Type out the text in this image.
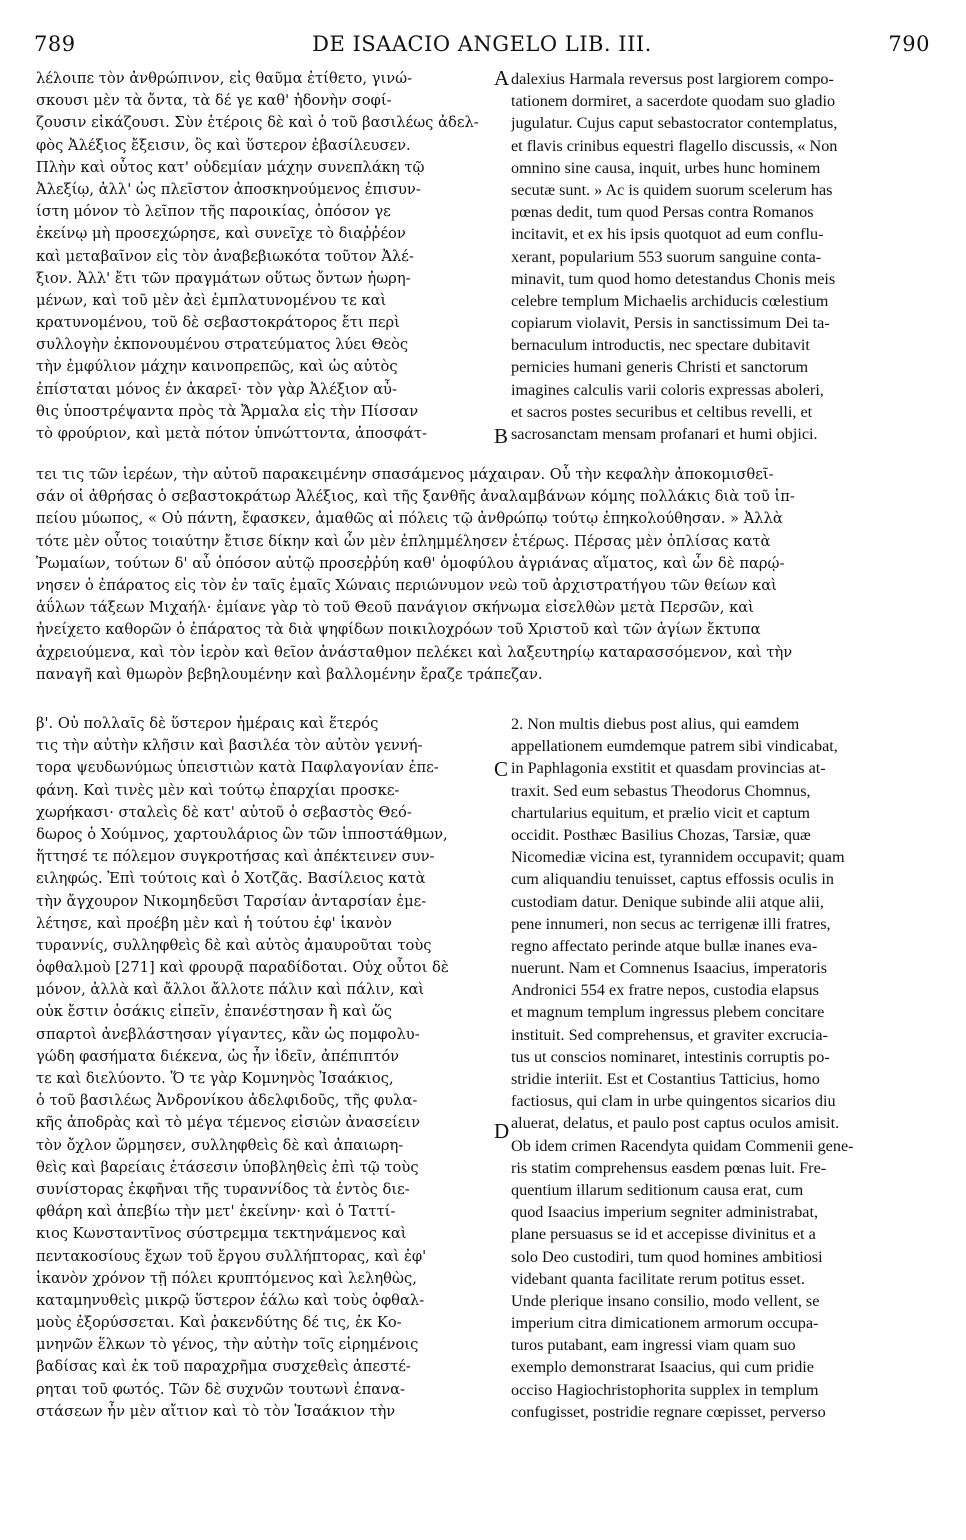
789	DE ISAACIO ANGELO LIB. III.	790
λέλοιπε τὸν ἀνθρώπινον, εἰς θαῦμα ἐτίθετο, γινώ-
σκουσι μὲν τὰ ὄντα, τὰ δέ γε καθ' ἡδονὴν σοφί-
ζουσιν εἰκάζουσι. Σὺν ἑτέροις δὲ καὶ ὁ τοῦ βασιλέως ἀδελ-
φὸς Ἀλέξιος ἔξεισιν, ὃς καὶ ὕστερον ἐβασίλευσεν.
Πλὴν καὶ οὗτος κατ' οὐδεμίαν μάχην συνεπλάκη τῷ
Ἀλεξίῳ, ἀλλ' ὡς πλεῖστον ἀποσκηνούμενος ἐπισυν-
ίστη μόνον τὸ λεῖπον τῆς παροικίας, ὁπόσον γε
ἐκείνῳ μὴ προσεχώρησε, καὶ συνεῖχε τὸ διαῤῥέον
καὶ μεταβαῖνον εἰς τὸν ἀναβεβιωκότα τοῦτον Ἀλέ-
ξιον. Ἀλλ' ἔτι τῶν πραγμάτων οὕτως ὄντων ἠωρη-
μένων, καὶ τοῦ μὲν ἀεὶ ἐμπλατυνομένου τε καὶ
κρατυνομένου, τοῦ δὲ σεβαστοκράτορος ἔτι περὶ
συλλογὴν ἐκπονουμένου στρατεύματος λύει Θεὸς
τὴν ἐμφύλιον μάχην καινοπρεπῶς, καὶ ὡς αὐτὸς
ἐπίσταται μόνος ἐν ἀκαρεῖ· τὸν γὰρ Ἀλέξιον αὖ-
θις ὑποστρέψαντα πρὸς τὰ Ἄρμαλα εἰς τὴν Πίσσαν
τὸ φρούριον, καὶ μετὰ πότον ὑπνώττοντα, ἀποσφάτ-
dalexius Harmala reversus post largiorem compo-
tationem dormiret, a sacerdote quodam suo gladio
jugulatur. Cujus caput sebastocrator contemplatus,
et flavis crinibus equestri flagello discussis, « Non
omnino sine causa, inquit, urbes hunc hominem
secutæ sunt. » Ac is quidem suorum scelerum has
pœnas dedit, tum quod Persas contra Romanos
incitavit, et ex his ipsis quotquot ad eum conflu-
xerant, popularium 553 suorum sanguine conta-
minavit, tum quod homo detestandus Chonis meis
celebre templum Michaelis archiducis cœlestium
copiarum violavit, Persis in sanctissimum Dei ta-
bernaculum introductis, nec spectare dubitavit
pernicies humani generis Christi et sanctorum
imagines calculis varii coloris expressas aboleri,
et sacros postes securibus et celtibus revelli, et
sacrosanctam mensam profanari et humi objici.
τει τις τῶν ἱερέων, τὴν αὐτοῦ παρακειμένην σπασάμενος μάχαιραν. Οὗ τὴν κεφαλὴν ἀποκομισθεῖ-
σάν οἱ ἀθρήσας ὁ σεβαστοκράτωρ Ἀλέξιος, καὶ τῆς ξανθῆς ἀναλαμβάνων κόμης πολλάκις διὰ τοῦ ἱπ-
πείου μύωπος, « Οὐ πάντη, ἔφασκεν, ἀμαθῶς αἱ πόλεις τῷ ἀνθρώπῳ τούτῳ ἐπηκολούθησαν. » Ἀλλὰ
τότε μὲν οὗτος τοιαύτην ἔτισε δίκην καὶ ὧν μὲν ἐπλημμέλησεν ἑτέρως. Πέρσας μὲν ὁπλίσας κατὰ
Ῥωμαίων, τούτων δ' αὖ ὁπόσον αὐτῷ προσεῤῥύη καθ' ὁμοφύλου ἀγριάνας αἵματος, καὶ ὧν δὲ παρῴ-
νησεν ὁ ἐπάρατος εἰς τὸν ἐν ταῖς ἐμαῖς Χώναις περιώνυμον νεὼ τοῦ ἀρχιστρατήγου τῶν θείων καὶ
ἀΰλων τάξεων Μιχαήλ· ἐμίανε γὰρ τὸ τοῦ Θεοῦ πανάγιον σκήνωμα εἰσελθὼν μετὰ Περσῶν, καὶ
ἠνείχετο καθορῶν ὁ ἐπάρατος τὰ διὰ ψηφίδων ποικιλοχρόων τοῦ Χριστοῦ καὶ τῶν ἁγίων ἔκτυπα
ἀχρειούμενα, καὶ τὸν ἱερὸν καὶ θεῖον ἀνάσταθμον πελέκει καὶ λαξευτηρίῳ καταρασσόμενον, καὶ τὴν
παναγῆ καὶ θμωρὸν βεβηλουμένην καὶ βαλλομένην ἔραζε τράπεζαν.
β'. Οὐ πολλαῖς δὲ ὕστερον ἡμέραις καὶ ἕτερός
τις τὴν αὐτὴν κλῆσιν καὶ βασιλέα τὸν αὐτὸν γεννή-
τορα ψευδωνύμως ὑπειστιὼν κατὰ Παφλαγονίαν ἐπε-
φάνη. Καὶ τινὲς μὲν καὶ τούτῳ ἐπαρχίαι προσκε-
χωρήκασι· σταλεὶς δὲ κατ' αὐτοῦ ὁ σεβαστὸς Θεό-
δωρος ὁ Χούμνος, χαρτουλάριος ὢν τῶν ἱπποστάθμων,
ἥττησέ τε πόλεμον συγκροτήσας καὶ ἀπέκτεινεν συν-
ειληφώς. Ἐπὶ τούτοις καὶ ὁ Χοτζᾶς. Βασίλειος κατὰ
τὴν ἄγχουρον Νικομηδεῦσι Ταρσίαν ἀνταρσίαν ἐμε-
λέτησε, καὶ προέβη μὲν καὶ ἡ τούτου ἐφ' ἱκανὸν
τυραννίς, συλληφθεὶς δὲ καὶ αὐτὸς ἀμαυροῦται τοὺς
ὀφθαλμοὺ [271] καὶ φρουρᾷ παραδίδοται. Οὐχ οὗτοι δὲ
μόνον, ἀλλὰ καὶ ἄλλοι ἄλλοτε πάλιν καὶ πάλιν, καὶ
οὐκ ἔστιν ὁσάκις εἰπεῖν, ἐπανέστησαν ἢ καὶ ὥς
σπαρτοὶ ἀνεβλάστησαν γίγαντες, κἂν ὡς πομφολυ-
γώδη φασήματα διέκενα, ὡς ἦν ἰδεῖν, ἀπέπιπτόν
τε καὶ διελύοντο. Ὅ τε γὰρ Κομνηνὸς Ἰσαάκιος,
ὁ τοῦ βασιλέως Ἀνδρονίκου ἀδελφιδοῦς, τῆς φυλα-
κῆς ἀποδρὰς καὶ τὸ μέγα τέμενος εἰσιὼν ἀνασείειν
τὸν ὄχλον ὥρμησεν, συλληφθεὶς δὲ καὶ ἀπαιωρη-
θεὶς καὶ βαρείαις ἐτάσεσιν ὑποβληθεὶς ἐπὶ τῷ τοὺς
συνίστορας ἐκφῆναι τῆς τυραννίδος τὰ ἐντὸς διε-
φθάρη καὶ ἀπεβίω τὴν μετ' ἐκείνην· καὶ ὁ Ταττί-
κιος Κωνσταντῖνος σύστρεμμα τεκτηνάμενος καὶ
πεντακοσίους ἔχων τοῦ ἔργου συλλήπτορας, καὶ ἐφ'
ἱκανὸν χρόνον τῇ πόλει κρυπτόμενος καὶ λεληθὼς,
καταμηνυθεὶς μικρῷ ὕστερον ἑάλω καὶ τοὺς ὀφθαλ-
μοὺς ἐξορύσσεται. Καὶ ῥακενδύτης δέ τις, ἐκ Κο-
μνηνῶν ἕλκων τὸ γένος, τὴν αὐτὴν τοῖς εἰρημένοις
βαδίσας καὶ ἐκ τοῦ παραχρῆμα συσχεθεὶς ἀπεστέ-
ρηται τοῦ φωτός. Τῶν δὲ συχνῶν τουτωνὶ ἐπανα-
στάσεων ἦν μὲν αἴτιον καὶ τὸ τὸν Ἰσαάκιον τὴν
2. Non multis diebus post alius, qui eamdem
appellationem eumdemque patrem sibi vindicabat,
in Paphlagonia exstitit et quasdam provincias at-
traxit. Sed eum sebastus Theodorus Chomnus,
chartularius equitum, et prælio vicit et captum
occidit. Posthæc Basilius Chozas, Tarsiæ, quæ
Nicomediæ vicina est, tyrannidem occupavit; quam
cum aliquandiu tenuisset, captus effossis oculis in
custodiam datur. Denique subinde alii atque alii,
pene innumeri, non secus ac terrigenæ illi fratres,
regno affectato perinde atque bullæ inanes eva-
nuerunt. Nam et Comnenus Isaacius, imperatoris
Andronici 554 ex fratre nepos, custodia elapsus
et magnum templum ingressus plebem concitare
instituit. Sed comprehensus, et graviter excrucia-
tus ut conscios nominaret, intestinis corruptis po-
stridie interiit. Est et Costantius Tatticius, homo
factiosus, qui clam in urbe quingentos sicarios diu
aluerat, delatus, et paulo post captus oculos amisit.
Ob idem crimen Racendyta quidam Commenii gene-
ris statim comprehensus easdem pœnas luit. Fre-
quentium illarum seditionum causa erat, cum
quod Isaacius imperium segniter administrabat,
plane persuasus se id et accepisse divinitus et a
solo Deo custodiri, tum quod homines ambitiosi
videbant quanta facilitate rerum potitus esset.
Unde plerique insano consilio, modo vellent, se
imperium citra dimicationem armorum occupa-
turos putabant, eam ingressi viam quam suo
exemplo demonstrarat Isaacius, qui cum pridie
occiso Hagiochristophorita supplex in templum
confugisset, postridie regnare cœpisset, perverso
A
B
C
D
